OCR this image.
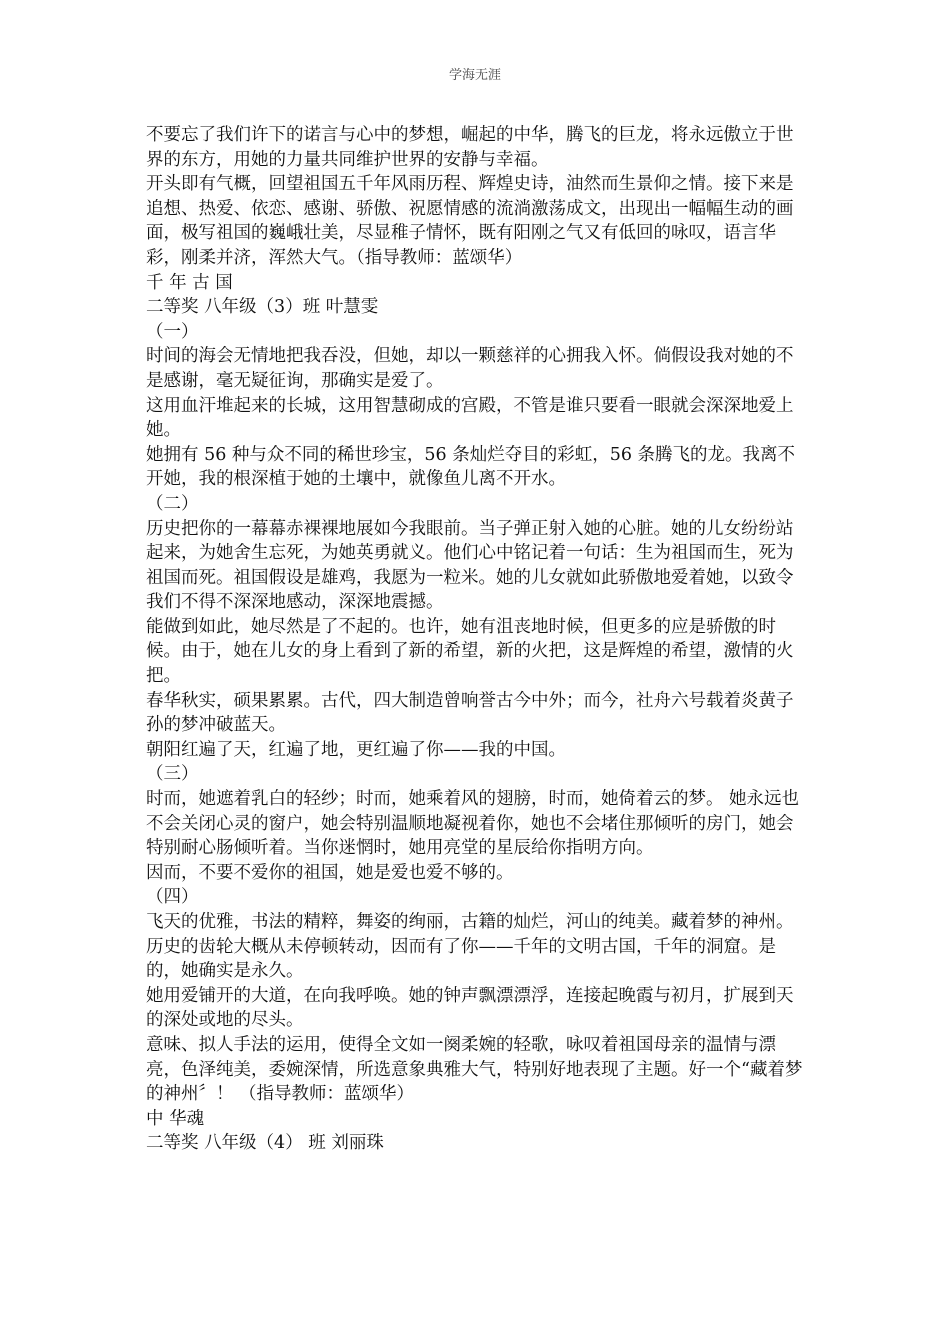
学海无涯

不要忘了我们许下的诺言与心中的梦想，崛起的中华，腾飞的巨龙，将永远傲立于世界的东方，用她的力量共同维护世界的安静与幸福。

开头即有气概，回望祖国五千年风雨历程、辉煌史诗，油然而生景仰之情。接下来是追想、热爱、依恋、感谢、骄傲、祝愿情感的流淌激荡成文，出现出一幅幅生动的画面，极写祖国的巍峨壮美，尽显稚子情怀，既有阳刚之气又有低回的咏叹，语言华彩，刚柔并济，浑然大气。（指导教师：蓝颂华）

千 年 古 国

二等奖 八年级（3）班 叶慧雯

（一）

时间的海会无情地把我吞没，但她，却以一颗慈祥的心拥我入怀。倘假设我对她的不是感谢，毫无疑征询，那确实是爱了。

这用血汗堆起来的长城，这用智慧砌成的宫殿，不管是谁只要看一眼就会深深地爱上她。

她拥有 56 种与众不同的稀世珍宝，56 条灿烂夺目的彩虹，56 条腾飞的龙。我离不开她，我的根深植于她的土壤中，就像鱼儿离不开水。

（二）

历史把你的一幕幕赤裸裸地展如今我眼前。当子弹正射入她的心脏。她的儿女纷纷站起来，为她舍生忘死，为她英勇就义。他们心中铭记着一句话：生为祖国而生，死为祖国而死。祖国假设是雄鸡，我愿为一粒米。她的儿女就如此骄傲地爱着她，以致令我们不得不深深地感动，深深地震撼。

能做到如此，她尽然是了不起的。也许，她有沮丧地时候，但更多的应是骄傲的时候。由于，她在儿女的身上看到了新的希望，新的火把，这是辉煌的希望，激情的火把。

春华秋实，硕果累累。古代，四大制造曾响誉古今中外；而今，社舟六号载着炎黄子孙的梦冲破蓝天。

朝阳红遍了天，红遍了地，更红遍了你——我的中国。

（三）

时而，她遮着乳白的轻纱；时而，她乘着风的翅膀，时而，她倚着云的梦。 她永远也不会关闭心灵的窗户，她会特别温顺地凝视着你，她也不会堵住那倾听的房门，她会特别耐心肠倾听着。当你迷惘时，她用亮堂的星辰给你指明方向。

因而，不要不爱你的祖国，她是爱也爱不够的。

（四）

飞天的优雅，书法的精粹，舞姿的绚丽，古籍的灿烂，河山的纯美。藏着梦的神州。

历史的齿轮大概从未停顿转动，因而有了你——千年的文明古国，千年的洞窟。是的，她确实是永久。

她用爱铺开的大道，在向我呼唤。她的钟声飘漂漂浮，连接起晚霞与初月，扩展到天的深处或地的尽头。

意味、拟人手法的运用，使得全文如一阕柔婉的轻歌，咏叹着祖国母亲的温情与漂亮，色泽纯美，委婉深情，所选意象典雅大气，特别好地表现了主题。好一个“藏着梦的神州〞！ （指导教师：蓝颂华）

中 华魂

二等奖 八年级（4） 班 刘丽珠
